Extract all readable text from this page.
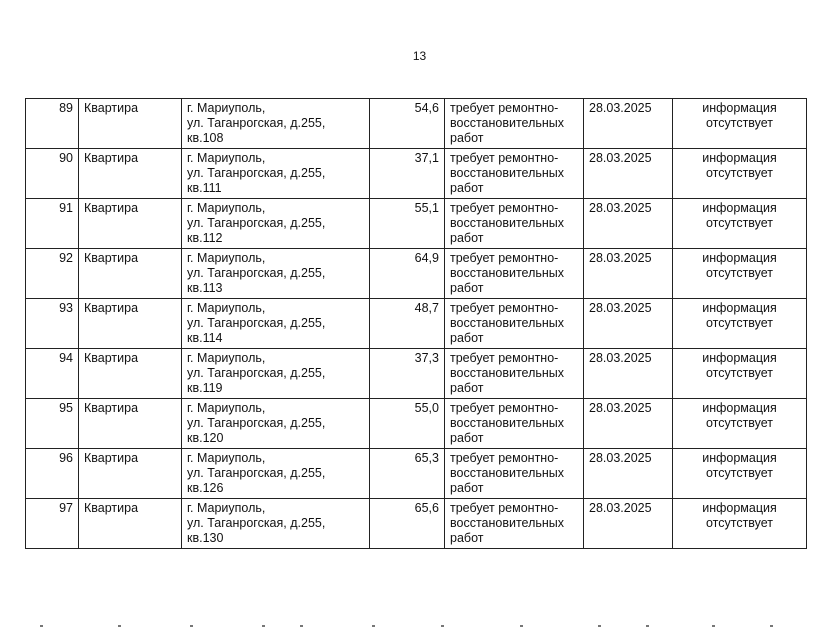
13
89	Квартира	г. Мариуполь,
ул. Таганрогская, д.255,
кв.108	54,6	требует ремонтно-
восстановительных
работ	28.03.2025	информация
отсутствует

90	Квартира	г. Мариуполь,
ул. Таганрогская, д.255,
кв.111	37,1	требует ремонтно-
восстановительных
работ	28.03.2025	информация
отсутствует

91	Квартира	г. Мариуполь,
ул. Таганрогская, д.255,
кв.112	55,1	требует ремонтно-
восстановительных
работ	28.03.2025	информация
отсутствует

92	Квартира	г. Мариуполь,
ул. Таганрогская, д.255,
кв.113	64,9	требует ремонтно-
восстановительных
работ	28.03.2025	информация
отсутствует

93	Квартира	г. Мариуполь,
ул. Таганрогская, д.255,
кв.114	48,7	требует ремонтно-
восстановительных
работ	28.03.2025	информация
отсутствует

94	Квартира	г. Мариуполь,
ул. Таганрогская, д.255,
кв.119	37,3	требует ремонтно-
восстановительных
работ	28.03.2025	информация
отсутствует

95	Квартира	г. Мариуполь,
ул. Таганрогская, д.255,
кв.120	55,0	требует ремонтно-
восстановительных
работ	28.03.2025	информация
отсутствует

96	Квартира	г. Мариуполь,
ул. Таганрогская, д.255,
кв.126	65,3	требует ремонтно-
восстановительных
работ	28.03.2025	информация
отсутствует

97	Квартира	г. Мариуполь,
ул. Таганрогская, д.255,
кв.130	65,6	требует ремонтно-
восстановительных
работ	28.03.2025	информация
отсутствует
